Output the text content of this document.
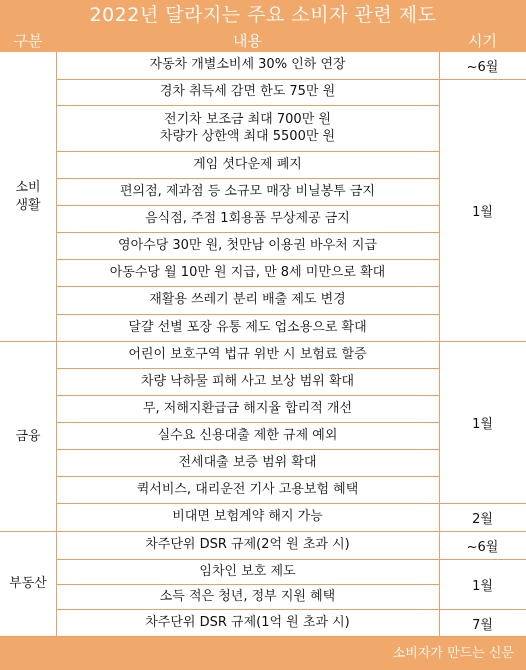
2022년 달라지는 주요 소비자 관련 제도
구분	내용	시기
소비
생활
금융
부동산
~6월
1월
1월
2월
~6월
1월
7월
자동차 개별소비세 30% 인하 연장
경차 취득세 감면 한도 75만 원
전기차 보조금 최대 700만 원
차량가 상한액 최대 5500만 원
게임 셧다운제 폐지
편의점, 제과점 등 소규모 매장 비닐봉투 금지
음식점, 주점 1회용품 무상제공 금지
영아수당 30만 원, 첫만남 이용권 바우처 지급
아동수당 월 10만 원 지급, 만 8세 미만으로 확대
재활용 쓰레기 분리 배출 제도 변경
달걀 선별 포장 유통 제도 업소용으로 확대
어린이 보호구역 법규 위반 시 보험료 할증
차량 낙하물 피해 사고 보상 범위 확대
무, 저해지환급금 해지율 합리적 개선
실수요 신용대출 제한 규제 예외
전세대출 보증 범위 확대
퀵서비스, 대리운전 기사 고용보험 혜택
비대면 보험계약 해지 가능
차주단위 DSR 규제(2억 원 초과 시)
임차인 보호 제도
소득 적은 청년, 정부 지원 혜택
차주단위 DSR 규제(1억 원 초과 시)
소비자가 만드는 신문
